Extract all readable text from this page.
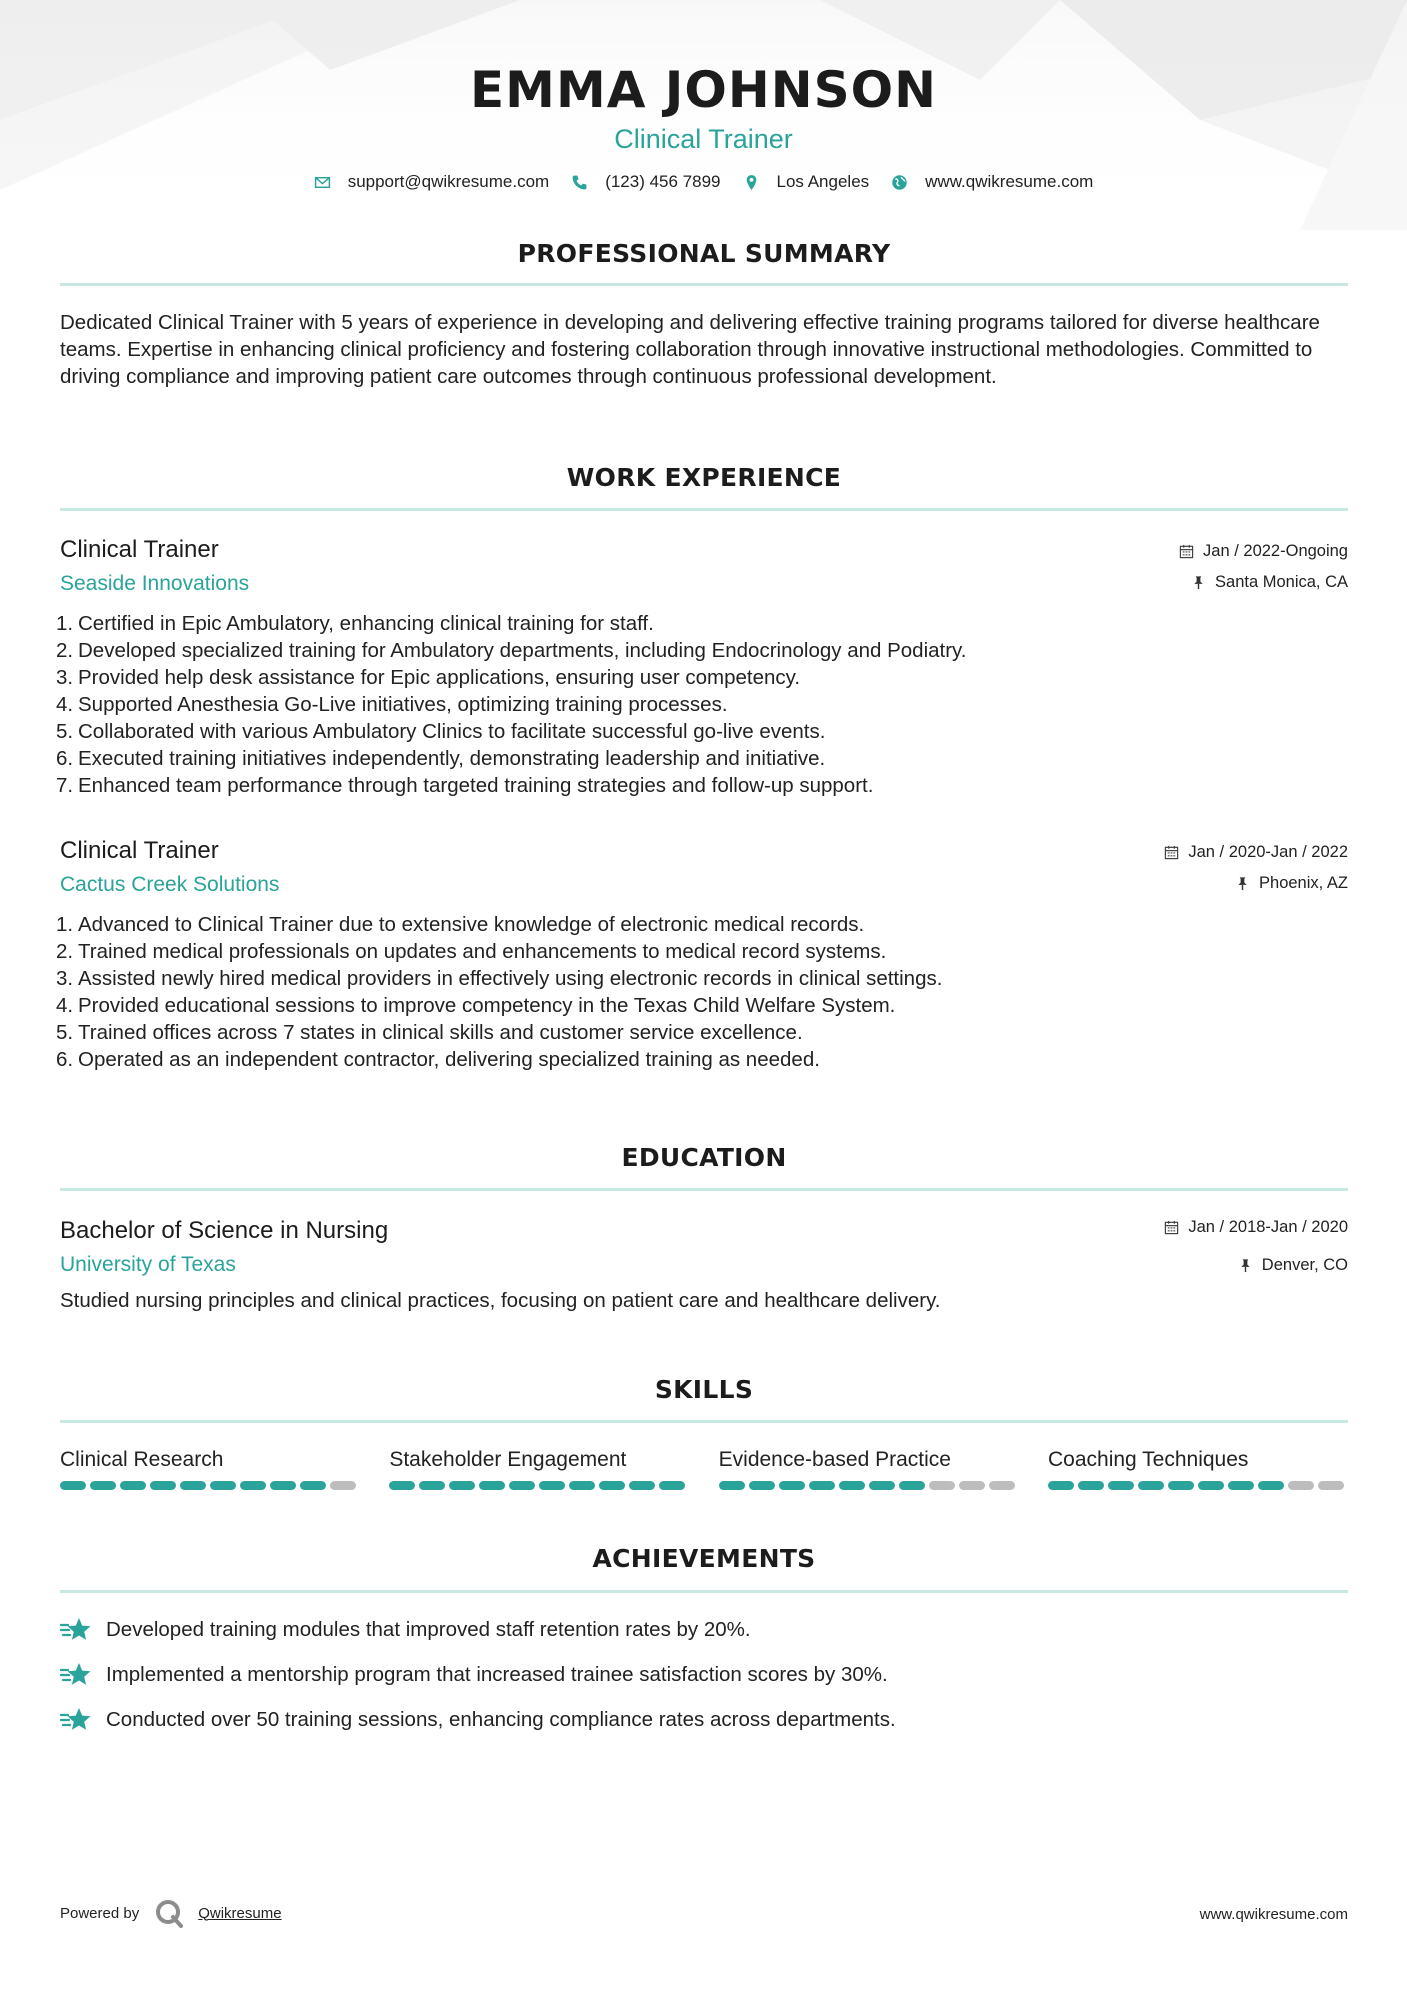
EMMA JOHNSON
Clinical Trainer
support@qwikresume.com	(123) 456 7899	Los Angeles	www.qwikresume.com
PROFESSIONAL SUMMARY
Dedicated Clinical Trainer with 5 years of experience in developing and delivering effective training programs tailored for diverse healthcare teams. Expertise in enhancing clinical proficiency and fostering collaboration through innovative instructional methodologies. Committed to driving compliance and improving patient care outcomes through continuous professional development.
WORK EXPERIENCE
Clinical Trainer
Seaside Innovations
Jan / 2022-Ongoing
Santa Monica, CA
1. Certified in Epic Ambulatory, enhancing clinical training for staff.
2. Developed specialized training for Ambulatory departments, including Endocrinology and Podiatry.
3. Provided help desk assistance for Epic applications, ensuring user competency.
4. Supported Anesthesia Go-Live initiatives, optimizing training processes.
5. Collaborated with various Ambulatory Clinics to facilitate successful go-live events.
6. Executed training initiatives independently, demonstrating leadership and initiative.
7. Enhanced team performance through targeted training strategies and follow-up support.
Clinical Trainer
Cactus Creek Solutions
Jan / 2020-Jan / 2022
Phoenix, AZ
1. Advanced to Clinical Trainer due to extensive knowledge of electronic medical records.
2. Trained medical professionals on updates and enhancements to medical record systems.
3. Assisted newly hired medical providers in effectively using electronic records in clinical settings.
4. Provided educational sessions to improve competency in the Texas Child Welfare System.
5. Trained offices across 7 states in clinical skills and customer service excellence.
6. Operated as an independent contractor, delivering specialized training as needed.
EDUCATION
Bachelor of Science in Nursing
University of Texas
Jan / 2018-Jan / 2020
Denver, CO
Studied nursing principles and clinical practices, focusing on patient care and healthcare delivery.
SKILLS
Clinical Research	Stakeholder Engagement	Evidence-based Practice	Coaching Techniques
ACHIEVEMENTS
Developed training modules that improved staff retention rates by 20%.
Implemented a mentorship program that increased trainee satisfaction scores by 30%.
Conducted over 50 training sessions, enhancing compliance rates across departments.
Powered by	Qwikresume	www.qwikresume.com
